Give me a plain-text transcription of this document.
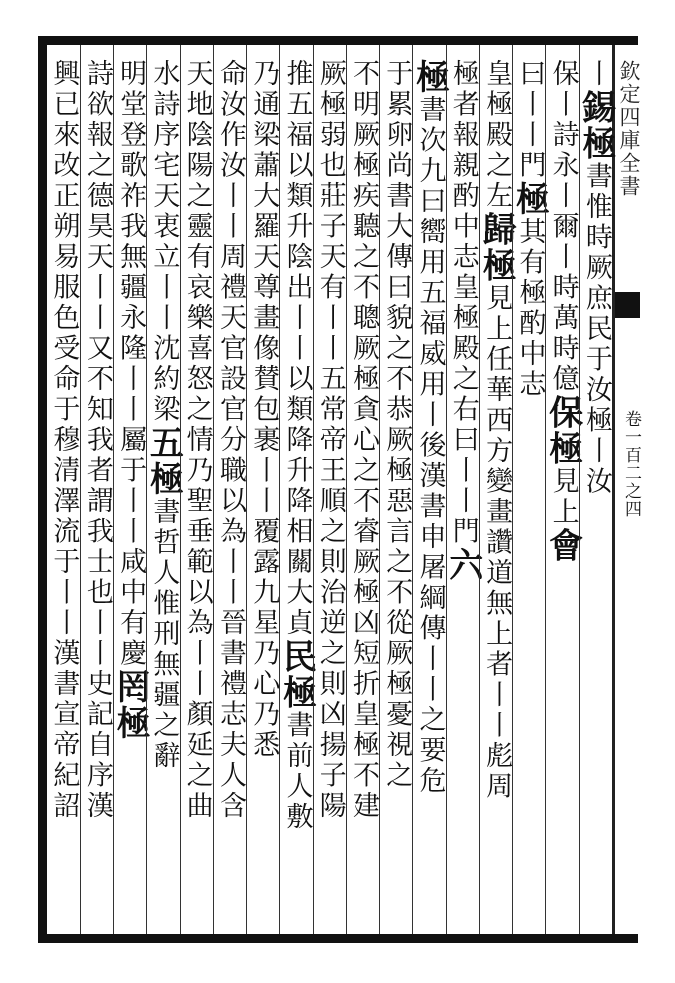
欽定四庫全書
卷一百二之四
丨錫極書惟時厥庶民于汝極丨汝
保丨詩永丨爾丨時萬時億保極見上會
曰丨丨門極其有極酌中志
皇極殿之左歸極見上任華西方變畫讚道無上者丨丨彪周
極者報親酌中志皇極殿之右曰丨丨門六
極書次九曰嚮用五福威用丨後漢書申屠綱傳丨丨之要危
于累卵尚書大傳曰貌之不恭厥極惡言之不從厥極憂視之
不明厥極疾聽之不聰厥極貪心之不睿厥極凶短折皇極不建
厥極弱也莊子天有丨丨五常帝王順之則治逆之則凶揚子陽
推五福以類升陰出丨丨以類降升降相關大貞民極書前人敷
乃通梁蕭大羅天尊畫像賛包裹丨丨覆露九星乃心乃悉
命汝作汝丨丨周禮天官設官分職以為丨丨晉書禮志夫人含
天地陰陽之靈有哀樂喜怒之情乃聖垂範以為丨丨顏延之曲
水詩序宅天衷立丨丨沈約梁五極書哲人惟刑無疆之辭
明堂登歌祚我無疆永隆丨丨屬于丨丨咸中有慶罔極
詩欲報之德昊天丨丨又不知我者謂我士也丨丨史記自序漢
興已來改正朔易服色受命于穆清澤流于丨丨漢書宣帝紀詔
